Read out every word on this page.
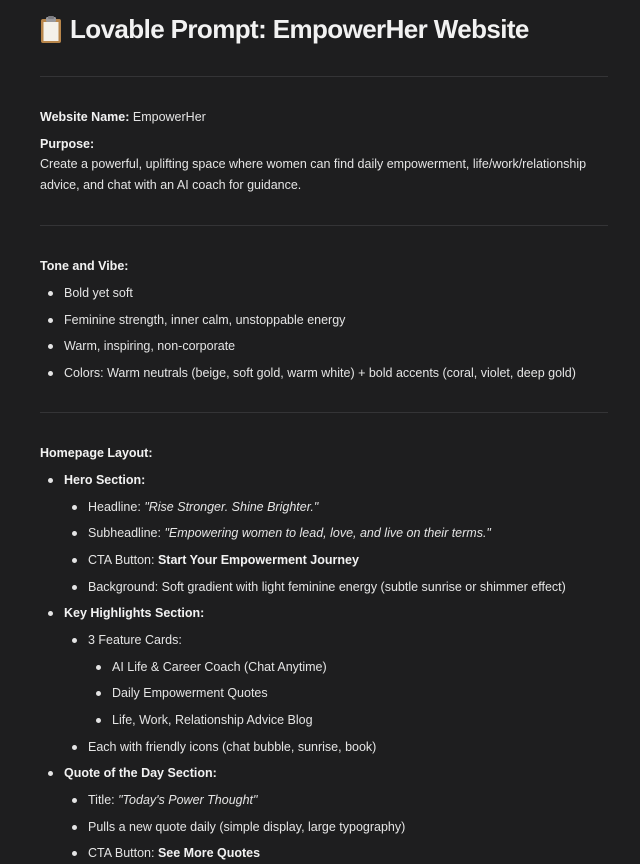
Lovable Prompt: EmpowerHer Website
Website Name: EmpowerHer
Purpose:
Create a powerful, uplifting space where women can find daily empowerment, life/work/relationship advice, and chat with an AI coach for guidance.
Tone and Vibe:
Bold yet soft
Feminine strength, inner calm, unstoppable energy
Warm, inspiring, non-corporate
Colors: Warm neutrals (beige, soft gold, warm white) + bold accents (coral, violet, deep gold)
Homepage Layout:
Hero Section:
Headline: "Rise Stronger. Shine Brighter."
Subheadline: "Empowering women to lead, love, and live on their terms."
CTA Button: Start Your Empowerment Journey
Background: Soft gradient with light feminine energy (subtle sunrise or shimmer effect)
Key Highlights Section:
3 Feature Cards:
AI Life & Career Coach (Chat Anytime)
Daily Empowerment Quotes
Life, Work, Relationship Advice Blog
Each with friendly icons (chat bubble, sunrise, book)
Quote of the Day Section:
Title: "Today's Power Thought"
Pulls a new quote daily (simple display, large typography)
CTA Button: See More Quotes
